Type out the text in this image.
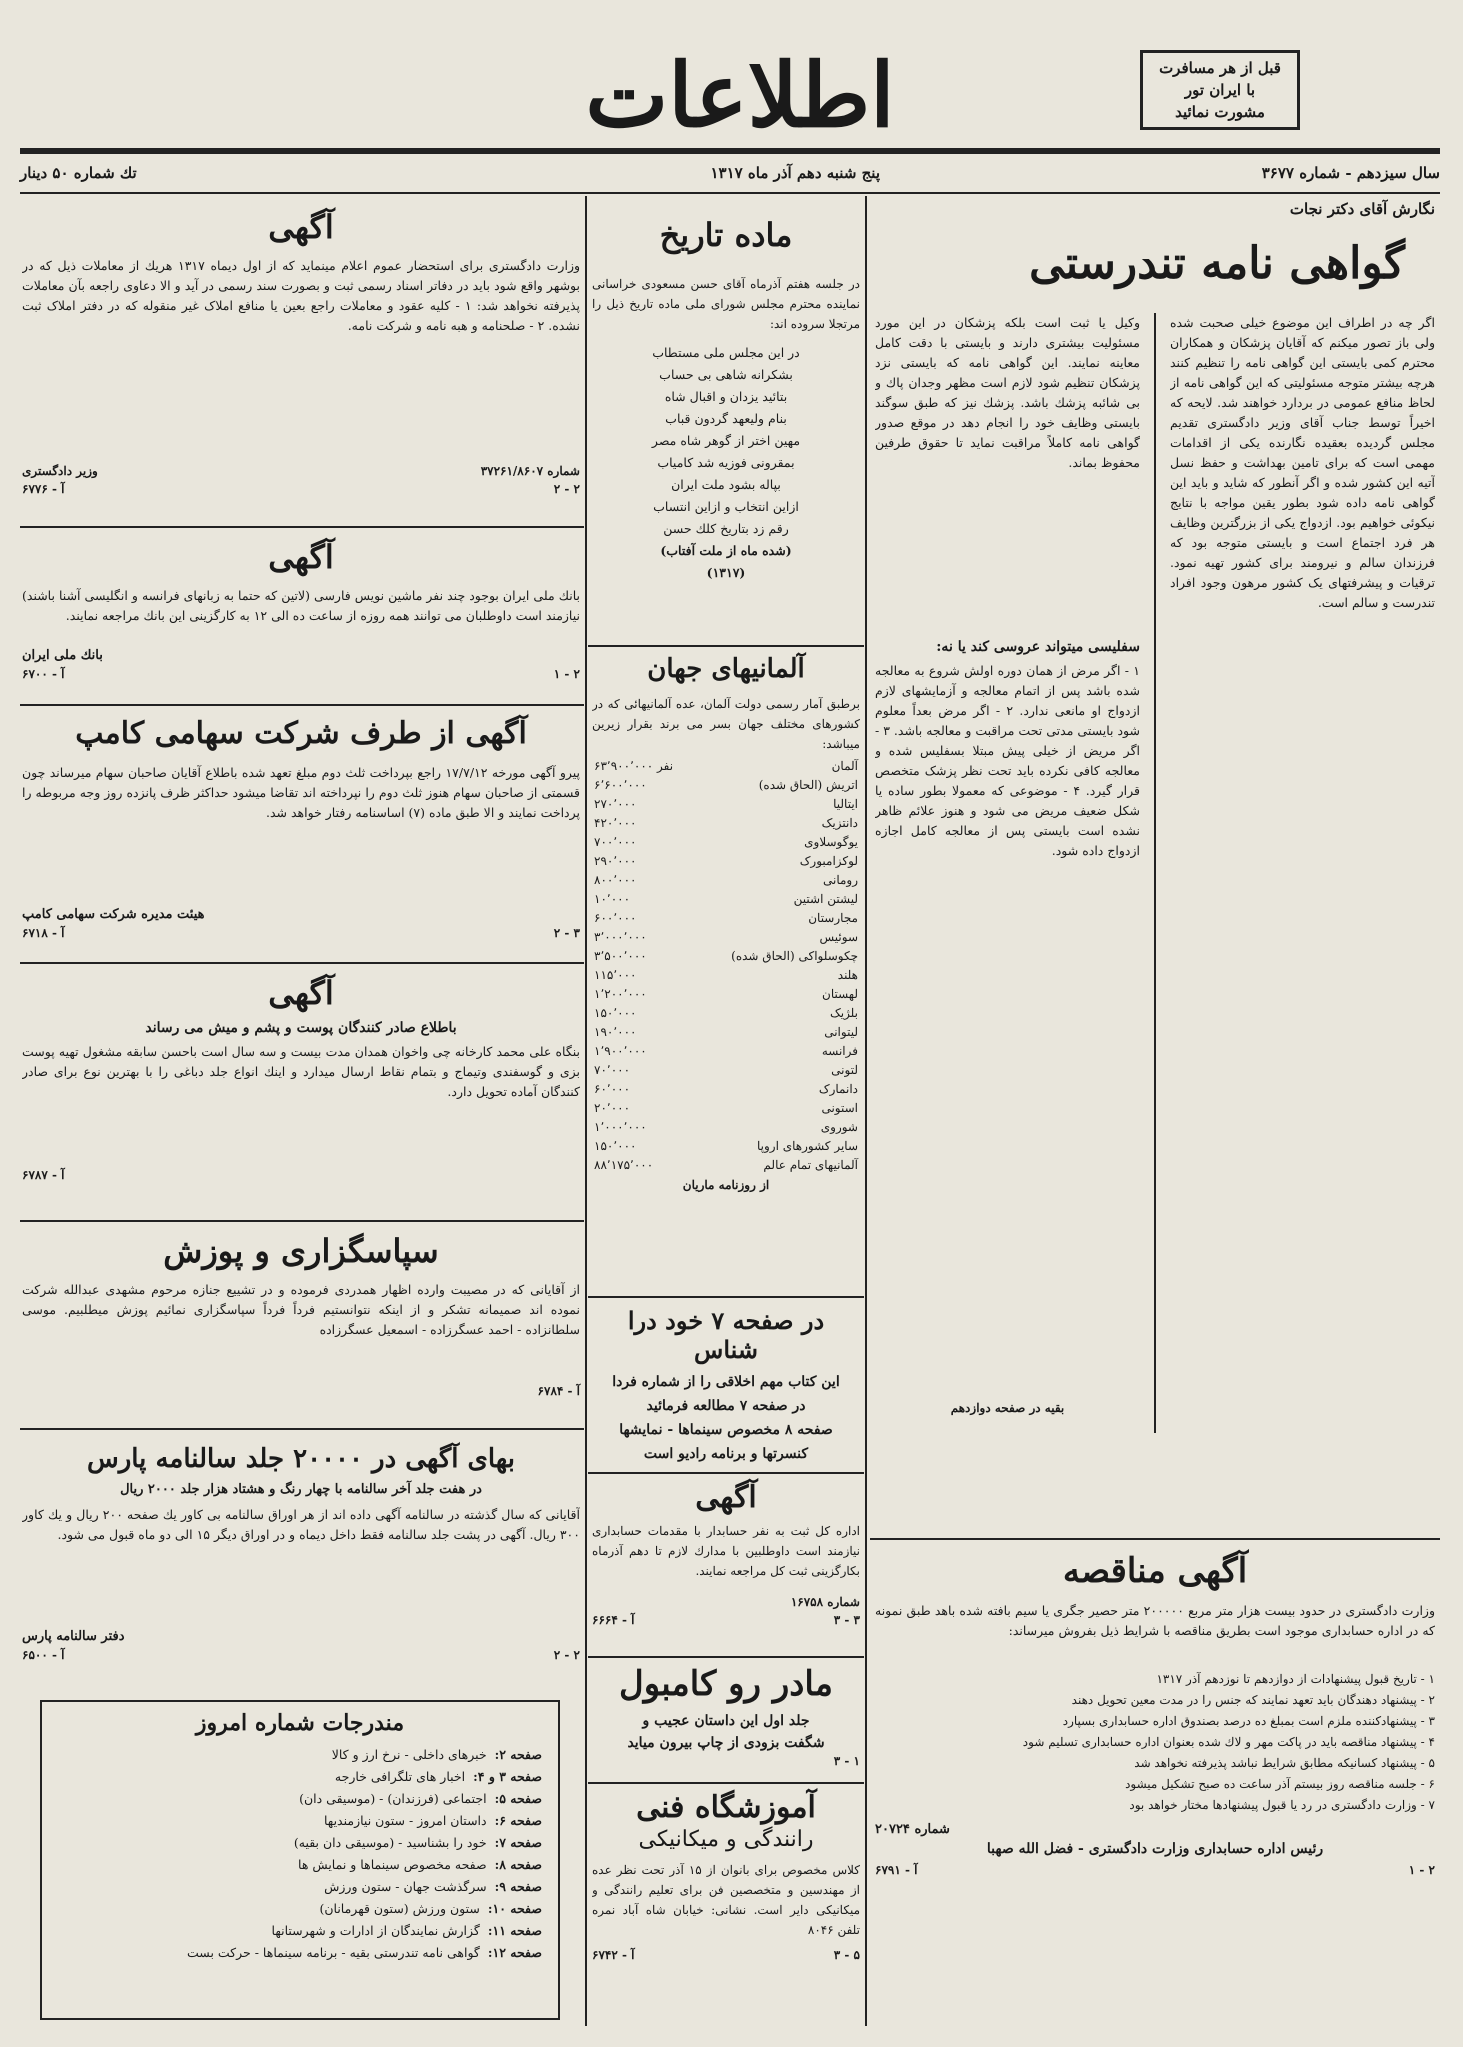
اطلاعات	قبل از هر مسافرت
با ایران تور
مشورت نمائید
سال سیزدهم - شماره ۳۶۷۷
پنج شنبه دهم آذر ماه ۱۳۱۷
تك شماره ۵۰ دینار
نگارش آقای دکتر نجات
گواهی نامه تندرستی
اگر چه در اطراف این موضوع خیلی صحبت شده ولی باز تصور میکنم که آقایان پزشکان و همکاران محترم کمی بایستی این گواهی نامه را تنظیم کنند هرچه بیشتر متوجه مسئولیتی که این گواهی نامه از لحاظ منافع عمومی در بردارد خواهند شد. لایحه که اخیراً توسط جناب آقای وزیر دادگستری تقدیم مجلس گردیده بعقیده نگارنده یکی از اقدامات مهمی است که برای تامین بهداشت و حفظ نسل آتیه این کشور شده و اگر آنطور که شاید و باید این گواهی نامه داده شود بطور یقین مواجه با نتایج نیکوئی خواهیم بود. ازدواج یکی از بزرگترین وظایف هر فرد اجتماع است و بایستی متوجه بود که فرزندان سالم و نیرومند برای کشور تهیه نمود. ترقیات و پیشرفتهای یک کشور مرهون وجود افراد تندرست و سالم است.
وکیل یا ثبت است بلکه پزشکان در این مورد مسئولیت بیشتری دارند و بایستی با دقت کامل معاینه نمایند. این گواهی نامه که بایستی نزد پزشکان تنظیم شود لازم است مظهر وجدان پاك و بی شائبه پزشك باشد. پزشك نیز که طبق سوگند بایستی وظایف خود را انجام دهد در موقع صدور گواهی نامه کاملاً مراقبت نماید تا حقوق طرفین محفوظ بماند.
سفلیسی میتواند عروسی کند یا نه:
۱ - اگر مرض از همان دوره اولش شروع به معالجه شده باشد پس از اتمام معالجه و آزمایشهای لازم ازدواج او مانعی ندارد. ۲ - اگر مرض بعداً معلوم شود بایستی مدتی تحت مراقبت و معالجه باشد. ۳ - اگر مریض از خیلی پیش مبتلا بسفلیس شده و معالجه کافی نکرده باید تحت نظر پزشک متخصص قرار گیرد. ۴ - موضوعی که معمولا بطور ساده یا شکل ضعیف مریض می شود و هنوز علائم ظاهر نشده است بایستی پس از معالجه کامل اجازه ازدواج داده شود.
بقیه در صفحه دوازدهم
آگهی مناقصه
وزارت دادگستری در حدود بیست هزار متر مربع ۲۰۰۰۰۰ متر حصیر جگری یا سیم بافته شده باهد طبق نمونه که در اداره حسابداری موجود است بطریق مناقصه با شرایط ذیل بفروش میرساند:
۱ - تاریخ قبول پیشنهادات از دوازدهم تا نوزدهم آذر ۱۳۱۷
۲ - پیشنهاد دهندگان باید تعهد نمایند که جنس را در مدت معین تحویل دهند
۳ - پیشنهادکننده ملزم است بمبلغ ده درصد بصندوق اداره حسابداری بسپارد
۴ - پیشنهاد مناقصه باید در پاکت مهر و لاك شده بعنوان اداره حسابداری تسلیم شود
۵ - پیشنهاد کسانیکه مطابق شرایط نباشد پذیرفته نخواهد شد
۶ - جلسه مناقصه روز بیستم آذر ساعت ده صبح تشکیل میشود
۷ - وزارت دادگستری در رد یا قبول پیشنهادها مختار خواهد بود
شماره ۲۰۷۲۴
رئیس اداره حسابداری وزارت دادگستری - فضل الله صهبا
۲ - ۱
آ - ۶۷۹۱
ماده تاریخ
در جلسه هفتم آذرماه آقای حسن مسعودی خراسانی نماینده محترم مجلس شورای ملی ماده تاریخ ذیل را مرتجلا سروده اند:
در این مجلس ملی مستطاب
بشکرانه شاهی بی حساب
بتائید یزدان و اقبال شاه
بنام ولیعهد گردون قباب
مهین اختر از گوهر شاه مصر
بمقرونی فوزیه شد کامیاب
بپاله بشود ملت ایران
ازاین انتخاب و ازاین انتساب
رقم زد بتاریخ کلك حسن
(شده ماه از ملت آفتاب)
(۱۳۱۷)
آلمانیهای جهان
برطبق آمار رسمی دولت آلمان، عده آلمانیهائی که در کشورهای مختلف جهان بسر می برند بقرار زیرین میباشد:
آلمان	۶۳٬۹۰۰٬۰۰۰ نفر
اتریش (الحاق شده)	۶٬۶۰۰٬۰۰۰
ایتالیا	۲۷۰٬۰۰۰
دانتزیک	۴۲۰٬۰۰۰
یوگوسلاوی	۷۰۰٬۰۰۰
لوکزامبورک	۲۹۰٬۰۰۰
رومانی	۸۰۰٬۰۰۰
لیشتن اشتین	۱۰٬۰۰۰
مجارستان	۶۰۰٬۰۰۰
سوئیس	۳٬۰۰۰٬۰۰۰
چکوسلواکی (الحاق شده)	۳٬۵۰۰٬۰۰۰
هلند	۱۱۵٬۰۰۰
لهستان	۱٬۲۰۰٬۰۰۰
بلژیک	۱۵۰٬۰۰۰
لیتوانی	۱۹۰٬۰۰۰
فرانسه	۱٬۹۰۰٬۰۰۰
لتونی	۷۰٬۰۰۰
دانمارک	۶۰٬۰۰۰
استونی	۲۰٬۰۰۰
شوروی	۱٬۰۰۰٬۰۰۰
سایر کشورهای اروپا	۱۵۰٬۰۰۰
آلمانیهای تمام عالم	۸۸٬۱۷۵٬۰۰۰
از روزنامه ماریان
در صفحه ۷ خود درا شناس
این کتاب مهم اخلاقی را از شماره فردا
در صفحه ۷ مطالعه فرمائید
صفحه ۸ مخصوص سینماها - نمایشها
کنسرتها و برنامه رادیو است
آگهی
اداره کل ثبت به نفر حسابدار با مقدمات حسابداری نیازمند است داوطلبین با مدارك لازم تا دهم آذرماه بکارگزینی ثبت کل مراجعه نمایند.
شماره ۱۶۷۵۸
۳ - ۳
آ - ۶۶۶۴
مادر رو کامبول
جلد اول این داستان عجیب و
شگفت بزودی از چاپ بیرون میاید
۱ - ۳
آموزشگاه فنی
رانندگی و میکانیکی
کلاس مخصوص برای بانوان از ۱۵ آذر تحت نظر عده از مهندسین و متخصصین فن برای تعلیم رانندگی و میکانیکی دایر است. نشانی: خیابان شاه آباد نمره تلفن ۸۰۴۶
۵ - ۳
آ - ۶۷۴۲
آگهی
وزارت دادگستری برای استحضار عموم اعلام مینماید که از اول دیماه ۱۳۱۷ هریك از معاملات ذیل که در بوشهر واقع شود باید در دفاتر اسناد رسمی ثبت و بصورت سند رسمی در آید و الا دعاوی راجعه بآن معاملات پذیرفته نخواهد شد: ۱ - کلیه عقود و معاملات راجع بعین یا منافع املاک غیر منقوله که در دفتر املاک ثبت نشده. ۲ - صلحنامه و هبه نامه و شرکت نامه.
شماره ۳۷۲۶۱/۸۶۰۷
وزیر دادگستری
۲ - ۲
آ - ۶۷۷۶
آگهی
بانك ملی ایران بوجود چند نفر ماشین نویس فارسی (لاتین که حتما به زبانهای فرانسه و انگلیسی آشنا باشند) نیازمند است داوطلبان می توانند همه روزه از ساعت ده الی ۱۲ به کارگزینی این بانك مراجعه نمایند.
بانك ملی ایران
۲ - ۱
آ - ۶۷۰۰
آگهی از طرف شرکت سهامی کامپ
پیرو آگهی مورخه ۱۷/۷/۱۲ راجع بپرداخت ثلث دوم مبلغ تعهد شده باطلاع آقایان صاحبان سهام میرساند چون قسمتی از صاحبان سهام هنوز ثلث دوم را نپرداخته اند تقاضا میشود حداکثر ظرف پانزده روز وجه مربوطه را پرداخت نمایند و الا طبق ماده (۷) اساسنامه رفتار خواهد شد.
هیئت مدیره شرکت سهامی کامپ
۳ - ۲
آ - ۶۷۱۸
آگهی
باطلاع صادر کنندگان پوست و پشم و میش می رساند
بنگاه علی محمد کارخانه چی واخوان همدان مدت بیست و سه سال است باحسن سابقه مشغول تهیه پوست بزی و گوسفندی وتیماج و بتمام نقاط ارسال میدارد و اینك انواع جلد دباغی را با بهترین نوع برای صادر کنندگان آماده تحویل دارد.
آ - ۶۷۸۷
سپاسگزاری و پوزش
از آقایانی که در مصیبت وارده اظهار همدردی فرموده و در تشییع جنازه مرحوم مشهدی عبدالله شرکت نموده اند صمیمانه تشکر و از اینکه نتوانستیم فرداً فرداً سپاسگزاری نمائیم پوزش میطلبیم. موسی سلطانزاده - احمد عسگرزاده - اسمعیل عسگرزاده
آ - ۶۷۸۴
بهای آگهی در ۲۰۰۰۰ جلد سالنامه پارس
در هفت جلد آخر سالنامه با چهار رنگ و هشتاد هزار جلد ۲۰۰۰ ریال
آقایانی که سال گذشته در سالنامه آگهی داده اند از هر اوراق سالنامه بی کاور یك صفحه ۲۰۰ ریال و یك کاور ۳۰۰ ریال. آگهی در پشت جلد سالنامه فقط داخل دیماه و در اوراق دیگر ۱۵ الی دو ماه قبول می شود.
دفتر سالنامه پارس
۲ - ۲
آ - ۶۵۰۰
مندرجات شماره امروز
صفحه ۲:
خبرهای داخلی - نرخ ارز و کالا
صفحه ۳ و ۴:
اخبار های تلگرافی خارجه
صفحه ۵:
اجتماعی (فرزندان) - (موسیقی دان)
صفحه ۶:
داستان امروز - ستون نیازمندیها
صفحه ۷:
خود را بشناسید - (موسیقی دان بقیه)
صفحه ۸:
صفحه مخصوص سینماها و نمایش ها
صفحه ۹:
سرگذشت جهان - ستون ورزش
صفحه ۱۰:
ستون ورزش (ستون قهرمانان)
صفحه ۱۱:
گزارش نمایندگان از ادارات و شهرستانها
صفحه ۱۲:
گواهی نامه تندرستی بقیه - برنامه سینماها - حرکت بست
